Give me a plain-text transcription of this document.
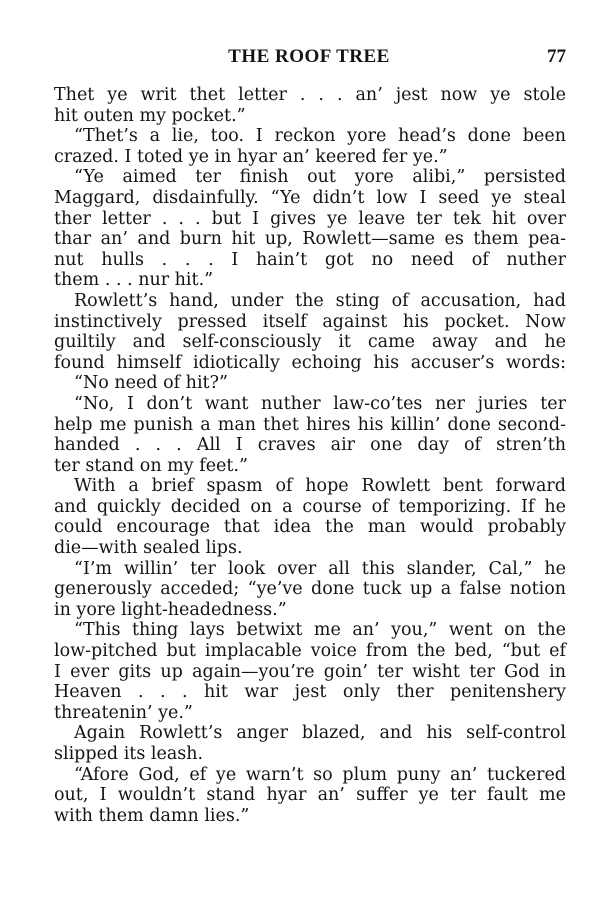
THE ROOF TREE	77
Thet ye writ thet letter . . . an’ jest now ye stole
hit outen my pocket.”
“Thet’s a lie, too. I reckon yore head’s done been
crazed. I toted ye in hyar an’ keered fer ye.”
“Ye aimed ter finish out yore alibi,” persisted
Maggard, disdainfully. “Ye didn’t low I seed ye steal
ther letter . . . but I gives ye leave ter tek hit over
thar an’ and burn hit up, Rowlett—same es them pea-
nut hulls . . . I hain’t got no need of nuther
them . . . nur hit.”
Rowlett’s hand, under the sting of accusation, had
instinctively pressed itself against his pocket. Now
guiltily and self-consciously it came away and he
found himself idiotically echoing his accuser’s words:
“No need of hit?”
“No, I don’t want nuther law-co’tes ner juries ter
help me punish a man thet hires his killin’ done second-
handed . . . All I craves air one day of stren’th
ter stand on my feet.”
With a brief spasm of hope Rowlett bent forward
and quickly decided on a course of temporizing. If he
could encourage that idea the man would probably
die—with sealed lips.
“I’m willin’ ter look over all this slander, Cal,” he
generously acceded; “ye’ve done tuck up a false notion
in yore light-headedness.”
“This thing lays betwixt me an’ you,” went on the
low-pitched but implacable voice from the bed, “but ef
I ever gits up again—you’re goin’ ter wisht ter God in
Heaven . . . hit war jest only ther penitenshery
threatenin’ ye.”
Again Rowlett’s anger blazed, and his self-control
slipped its leash.
“Afore God, ef ye warn’t so plum puny an’ tuckered
out, I wouldn’t stand hyar an’ suffer ye ter fault me
with them damn lies.”
